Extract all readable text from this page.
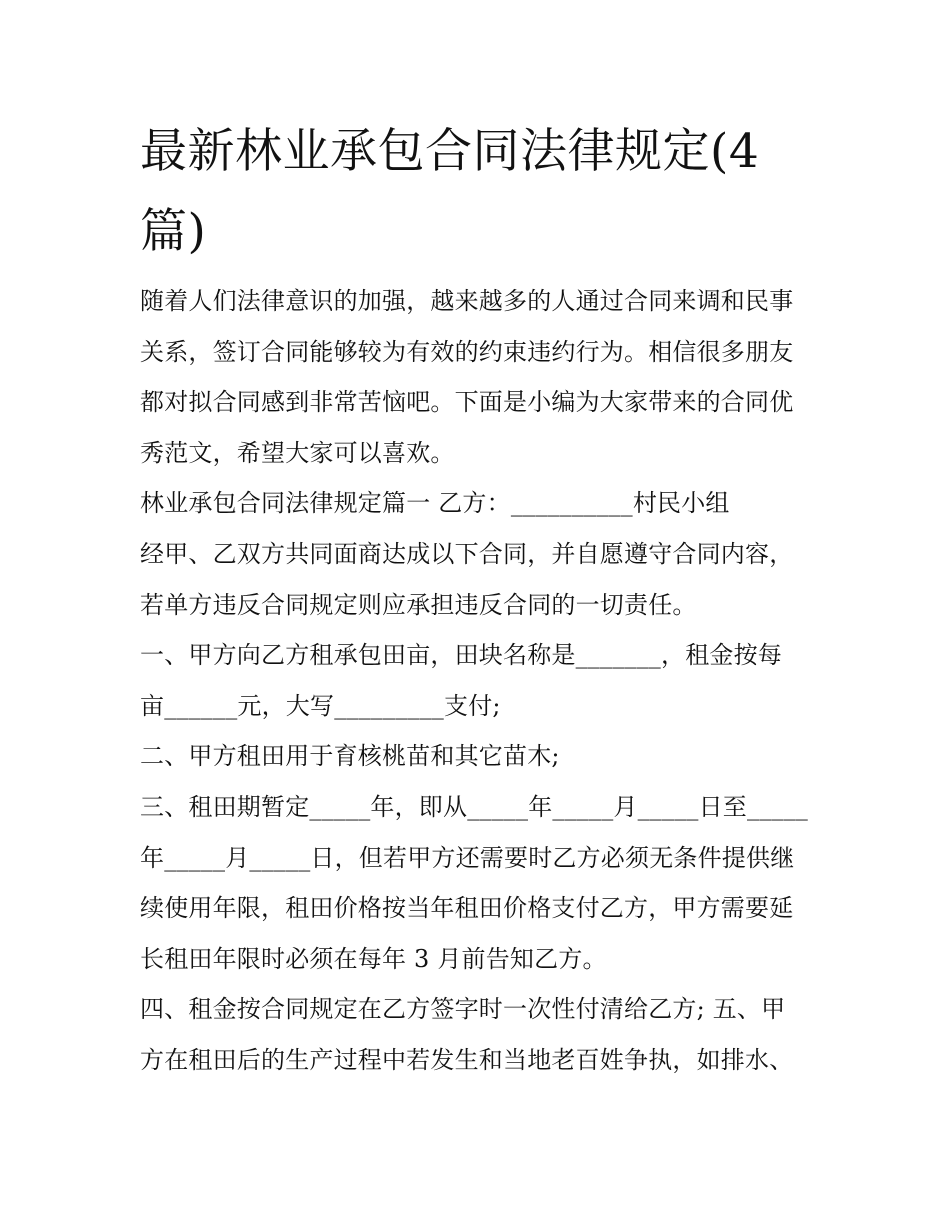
最新林业承包合同法律规定(4
篇)

随着人们法律意识的加强，越来越多的人通过合同来调和民事
关系，签订合同能够较为有效的约束违约行为。相信很多朋友
都对拟合同感到非常苦恼吧。下面是小编为大家带来的合同优
秀范文，希望大家可以喜欢。

林业承包合同法律规定篇一 乙方：__________村民小组

经甲、乙双方共同面商达成以下合同，并自愿遵守合同内容，
若单方违反合同规定则应承担违反合同的一切责任。

一、甲方向乙方租承包田亩，田块名称是_______，租金按每
亩______元，大写_________支付;

二、甲方租田用于育核桃苗和其它苗木;

三、租田期暂定_____年，即从_____年_____月_____日至_____
年_____月_____日，但若甲方还需要时乙方必须无条件提供继
续使用年限，租田价格按当年租田价格支付乙方，甲方需要延
长租田年限时必须在每年 3 月前告知乙方。

四、租金按合同规定在乙方签字时一次性付清给乙方; 五、甲
方在租田后的生产过程中若发生和当地老百姓争执，如排水、
